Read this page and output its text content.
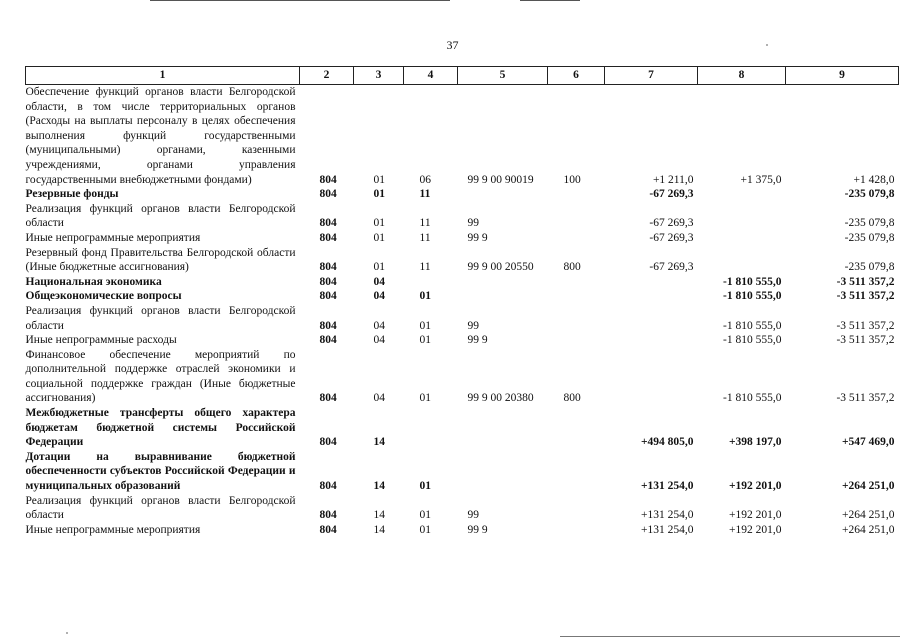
37
1	2	3	4	5	6	7	8	9
Обеспечение функций органов власти Белгородской области, в том числе территориальных органов (Расходы на выплаты персоналу в целях обеспечения выполнения функций государственными (муниципальными) органами, казенными учреждениями, органами управления государственными внебюджетными фондами)	804	01	06	99 9 00 90019	100	+1 211,0	+1 375,0	+1 428,0
Резервные фонды	804	01	11			-67 269,3		-235 079,8
Реализация функций органов власти Белгородской области	804	01	11	99		-67 269,3		-235 079,8
Иные непрограммные мероприятия	804	01	11	99 9		-67 269,3		-235 079,8
Резервный фонд Правительства Белгородской области (Иные бюджетные ассигнования)	804	01	11	99 9 00 20550	800	-67 269,3		-235 079,8
Национальная экономика	804	04					-1 810 555,0	-3 511 357,2
Общеэкономические вопросы	804	04	01				-1 810 555,0	-3 511 357,2
Реализация функций органов власти Белгородской области	804	04	01	99			-1 810 555,0	-3 511 357,2
Иные непрограммные расходы	804	04	01	99 9			-1 810 555,0	-3 511 357,2
Финансовое обеспечение мероприятий по дополнительной поддержке отраслей экономики и социальной поддержке граждан (Иные бюджетные ассигнования)	804	04	01	99 9 00 20380	800		-1 810 555,0	-3 511 357,2
Межбюджетные трансферты общего характера бюджетам бюджетной системы Российской Федерации	804	14				+494 805,0	+398 197,0	+547 469,0
Дотации на выравнивание бюджетной обеспеченности субъектов Российской Федерации и муниципальных образований	804	14	01			+131 254,0	+192 201,0	+264 251,0
Реализация функций органов власти Белгородской области	804	14	01	99		+131 254,0	+192 201,0	+264 251,0
Иные непрограммные мероприятия	804	14	01	99 9		+131 254,0	+192 201,0	+264 251,0
